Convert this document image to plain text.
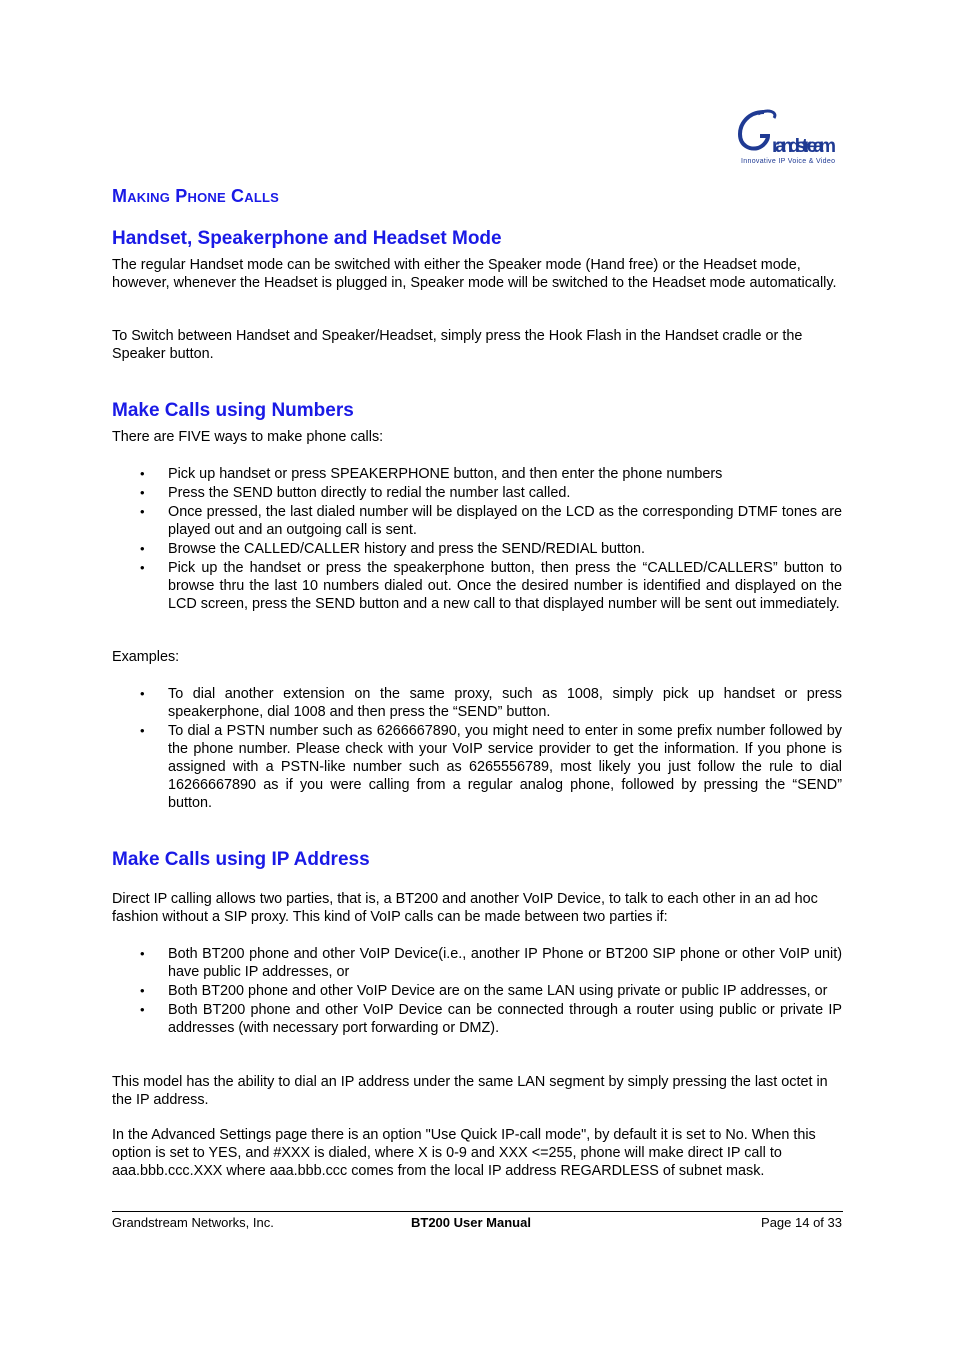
randstream
Innovative IP Voice & Video
Making Phone Calls
Handset, Speakerphone and Headset Mode

The regular Handset mode can be switched with either the Speaker mode (Hand free) or the Headset mode, however, whenever the Headset is plugged in, Speaker mode will be switched to the Headset mode automatically.

To Switch between Handset and Speaker/Headset, simply press the Hook Flash in the Handset cradle or the Speaker button.

Make Calls using Numbers

There are FIVE ways to make phone calls:

• Pick up handset or press SPEAKERPHONE button, and then enter the phone numbers
• Press the SEND button directly to redial the number last called.
• Once pressed, the last dialed number will be displayed on the LCD as the corresponding DTMF tones are played out and an outgoing call is sent.
• Browse the CALLED/CALLER history and press the SEND/REDIAL button.
• Pick up the handset or press the speakerphone button, then press the “CALLED/CALLERS” button to browse thru the last 10 numbers dialed out. Once the desired number is identified and displayed on the LCD screen, press the SEND button and a new call to that displayed number will be sent out immediately.

Examples:

• To dial another extension on the same proxy, such as 1008, simply pick up handset or press speakerphone, dial 1008 and then press the “SEND” button.
• To dial a PSTN number such as 6266667890, you might need to enter in some prefix number followed by the phone number. Please check with your VoIP service provider to get the information. If you phone is assigned with a PSTN-like number such as 6265556789, most likely you just follow the rule to dial 16266667890 as if you were calling from a regular analog phone, followed by pressing the “SEND” button.
Make Calls using IP Address

Direct IP calling allows two parties, that is, a BT200 and another VoIP Device, to talk to each other in an ad hoc fashion without a SIP proxy. This kind of VoIP calls can be made between two parties if:

• Both BT200 phone and other VoIP Device(i.e., another IP Phone or BT200 SIP phone or other VoIP unit) have public IP addresses, or
• Both BT200 phone and other VoIP Device are on the same LAN using private or public IP addresses, or
• Both BT200 phone and other VoIP Device can be connected through a router using public or private IP addresses (with necessary port forwarding or DMZ).

This model has the ability to dial an IP address under the same LAN segment by simply pressing the last octet in the IP address.

In the Advanced Settings page there is an option "Use Quick IP-call mode", by default it is set to No. When this option is set to YES, and #XXX is dialed, where X is 0-9 and XXX <=255, phone will make direct IP call to aaa.bbb.ccc.XXX where aaa.bbb.ccc comes from the local IP address REGARDLESS of subnet mask.

Grandstream Networks, Inc.	BT200 User Manual	Page 14 of 33
